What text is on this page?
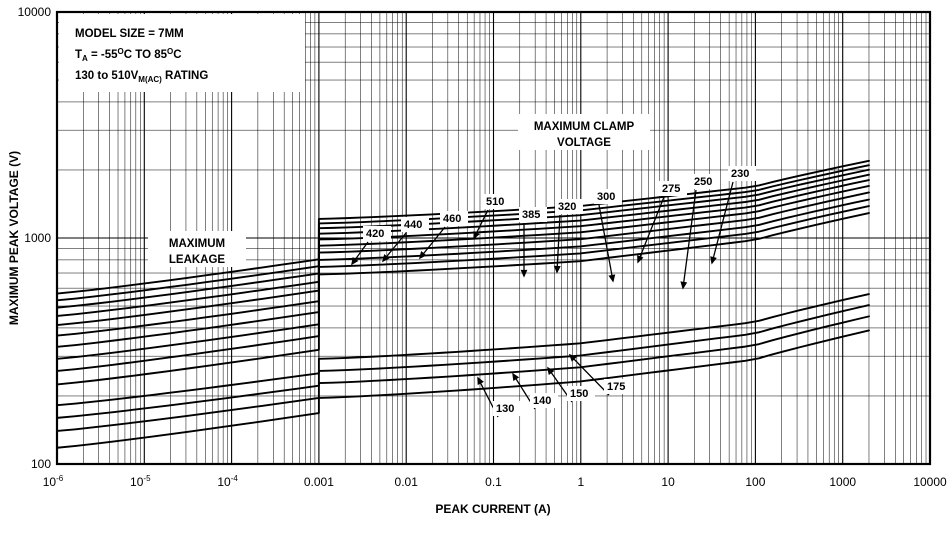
MODEL SIZE = 7MM
$T_A = -55^OC$ TO 85$^O$C
130 to $510V_{M(AC)}$ RATING
MAXIMUM CLAMP
VOLTAGE
MAXIMUM
LEAKAGE
420
440 460
510
385
320
300
275
250
230
130
140
150
175
$10^{-6}$	$10^{-5}$	$10^{-4}$	0.001	0.01	0.1	1	10	100	1000	10000
10000
1000
100
PEAK CURRENT (A)
MAXIMUM PEAK VOLTAGE (V)
